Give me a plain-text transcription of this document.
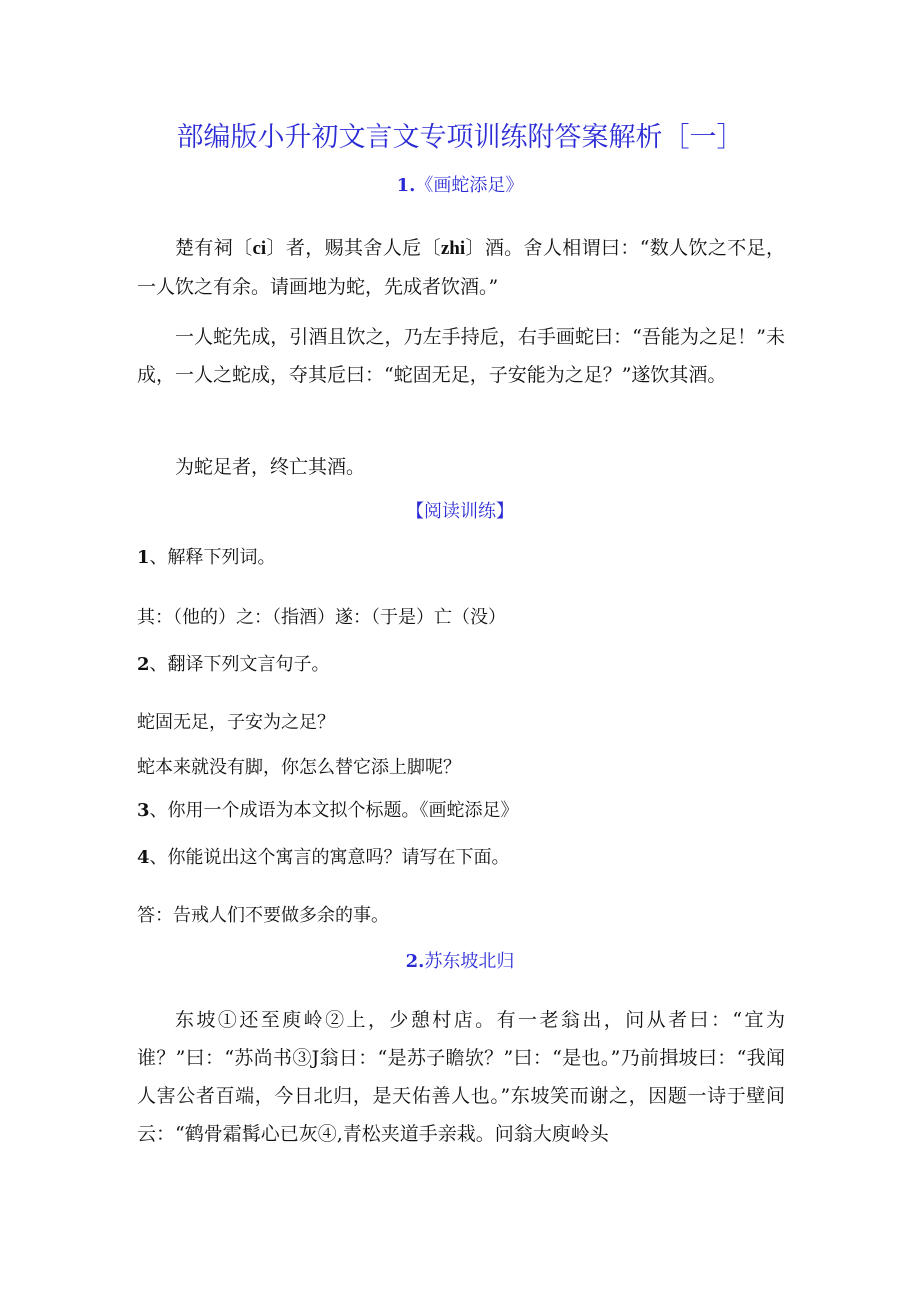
部编版小升初文言文专项训练附答案解析［一］
1.《画蛇添足》
楚有祠〔ci〕者，赐其舍人卮〔zhi〕酒。舍人相谓曰：“数人饮之不足，一人饮之有余。请画地为蛇，先成者饮酒。”
一人蛇先成，引酒且饮之，乃左手持卮，右手画蛇曰：“吾能为之足！”未成，一人之蛇成，夺其卮曰：“蛇固无足，子安能为之足？”遂饮其酒。
为蛇足者，终亡其酒。
【阅读训练】
1、解释下列词。
其：（他的）之：（指酒）遂：（于是）亡（没）
2、翻译下列文言句子。
蛇固无足，子安为之足？
蛇本来就没有脚，你怎么替它添上脚呢？
3、你用一个成语为本文拟个标题。《画蛇添足》
4、你能说出这个寓言的寓意吗？请写在下面。
答：告戒人们不要做多余的事。
2.苏东坡北归
东坡①还至庾岭②上，少憩村店。有一老翁出，问从者曰：“宜为谁？”曰：“苏尚书③J翁日：“是苏子瞻欤？”曰：“是也。”乃前揖坡曰：“我闻人害公者百端，今日北归，是天佑善人也。”东坡笑而谢之，因题一诗于壁间云：“鹤骨霜髯心已灰④,青松夹道手亲栽。问翁大庾岭头
